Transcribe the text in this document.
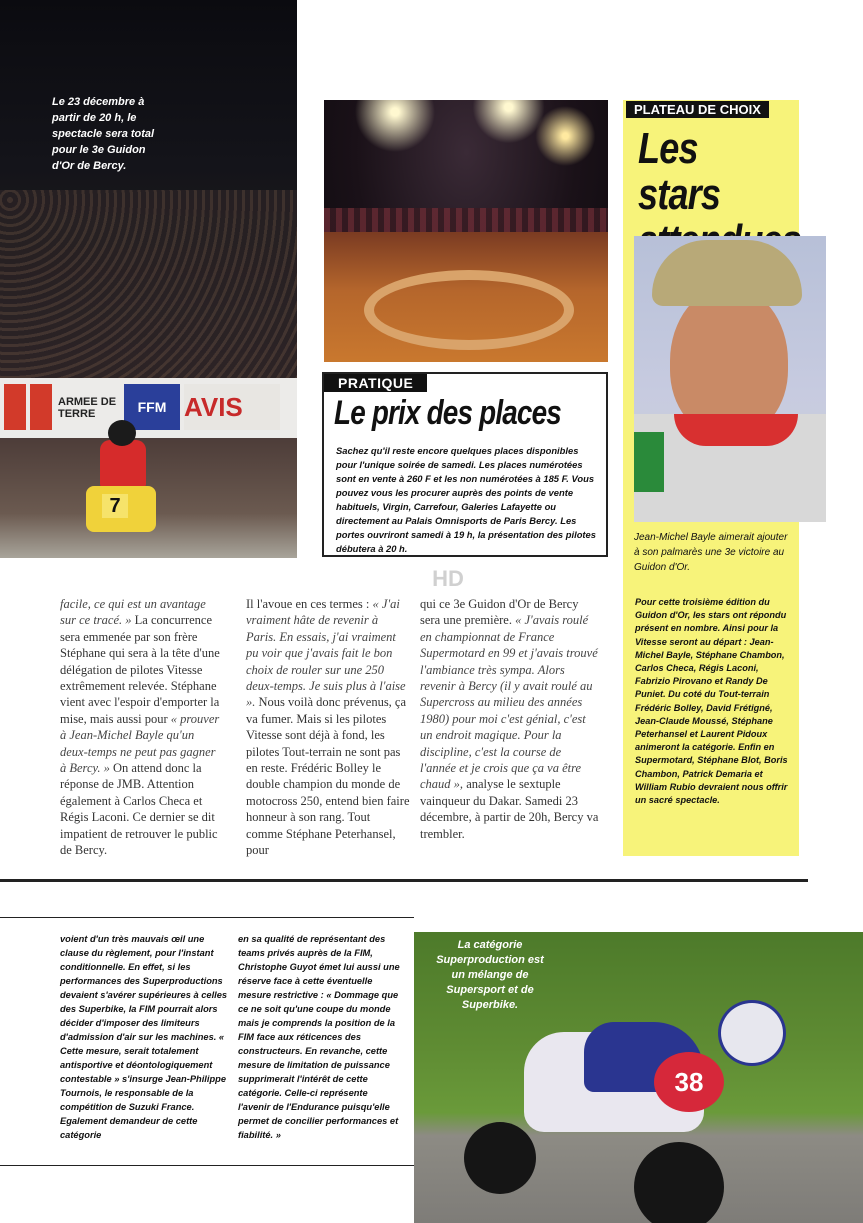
ARMEE DE TERRE	FFM AVIS
7
Le 23 décembre à partir de 20 h, le spectacle sera total pour le 3e Guidon d'Or de Bercy.
PRATIQUE
Le prix des places
Sachez qu'il reste encore quelques places disponibles pour l'unique soirée de samedi. Les places numérotées sont en vente à 260 F et les non numérotées à 185 F. Vous pouvez vous les procurer auprès des points de vente habituels, Virgin, Carrefour, Galeries Lafayette ou directement au Palais Omnisports de Paris Bercy. Les portes ouvriront samedi à 19 h, la présentation des pilotes débutera à 20 h.
PLATEAU DE CHOIX
Les stars
Jean-Michel Bayle aimerait ajouter à son palmarès une 3e victoire au Guidon d'Or.
Pour cette troisième édition du Guidon d'Or, les stars ont répondu présent en nombre. Ainsi pour la Vitesse seront au départ : Jean-Michel Bayle, Stéphane Chambon, Carlos Checa, Régis Laconi, Fabrizio Pirovano et Randy De Puniet. Du coté du Tout-terrain Frédéric Bolley, David Frétigné, Jean-Claude Moussé, Stéphane Peterhansel et Laurent Pidoux animeront la catégorie. Enfin en Supermotard, Stéphane Blot, Boris Chambon, Patrick Demaria et William Rubio devraient nous offrir un sacré spectacle.
facile, ce qui est un avantage sur ce tracé. » La concurrence sera emmenée par son frère Stéphane qui sera à la tête d'une délégation de pilotes Vitesse extrêmement relevée. Stéphane vient avec l'espoir d'emporter la mise, mais aussi pour « prouver à Jean-Michel Bayle qu'un deux-temps ne peut pas gagner à Bercy. » On attend donc la réponse de JMB. Attention également à Carlos Checa et Régis Laconi. Ce dernier se dit impatient de retrouver le public de Bercy.
Il l'avoue en ces termes : « J'ai vraiment hâte de revenir à Paris. En essais, j'ai vraiment pu voir que j'avais fait le bon choix de rouler sur une 250 deux-temps. Je suis plus à l'aise ». Nous voilà donc prévenus, ça va fumer. Mais si les pilotes Vitesse sont déjà à fond, les pilotes Tout-terrain ne sont pas en reste. Frédéric Bolley le double champion du monde de motocross 250, entend bien faire honneur à son rang. Tout comme Stéphane Peterhansel, pour
qui ce 3e Guidon d'Or de Bercy sera une première. « J'avais roulé en championnat de France Supermotard en 99 et j'avais trouvé l'ambiance très sympa. Alors revenir à Bercy (il y avait roulé au Supercross au milieu des années 1980) pour moi c'est génial, c'est un endroit magique. Pour la discipline, c'est la course de l'année et je crois que ça va être chaud », analyse le sextuple vainqueur du Dakar. Samedi 23 décembre, à partir de 20h, Bercy va trembler.
HD
voient d'un très mauvais œil une clause du règlement, pour l'instant conditionnelle. En effet, si les performances des Superproductions devaient s'avérer supérieures à celles des Superbike, la FIM pourrait alors décider d'imposer des limiteurs d'admission d'air sur les machines. « Cette mesure, serait totalement antisportive et déontologiquement contestable » s'insurge Jean-Philippe Tournois, le responsable de la compétition de Suzuki France. Egalement demandeur de cette catégorie
en sa qualité de représentant des teams privés auprès de la FIM, Christophe Guyot émet lui aussi une réserve face à cette éventuelle mesure restrictive : « Dommage que ce ne soit qu'une coupe du monde mais je comprends la position de la FIM face aux réticences des constructeurs. En revanche, cette mesure de limitation de puissance supprimerait l'intérêt de cette catégorie. Celle-ci représente l'avenir de l'Endurance puisqu'elle permet de concilier performances et fiabilité. »
38
La catégorie Superproduction est un mélange de Supersport et de Superbike.
